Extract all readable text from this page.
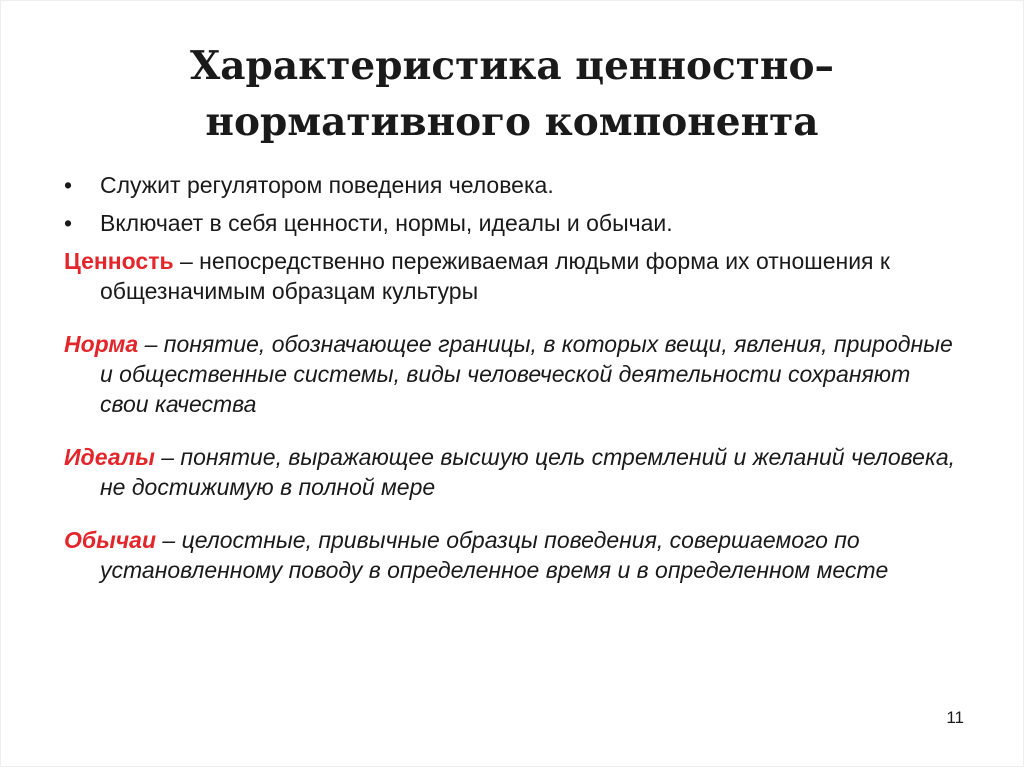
Характеристика ценностно–
нормативного компонента
• Служит регулятором поведения человека.
• Включает в себя ценности, нормы, идеалы и обычаи.

Ценность – непосредственно переживаемая людьми форма их отношения к общезначимым образцам культуры

Норма – понятие, обозначающее границы, в которых вещи, явления, природные и общественные системы, виды человеческой деятельности сохраняют свои качества

Идеалы – понятие, выражающее высшую цель стремлений и желаний человека, не достижимую в полной мере

Обычаи – целостные, привычные образцы поведения, совершаемого по установленному поводу в определенное время и в определенном месте

11
